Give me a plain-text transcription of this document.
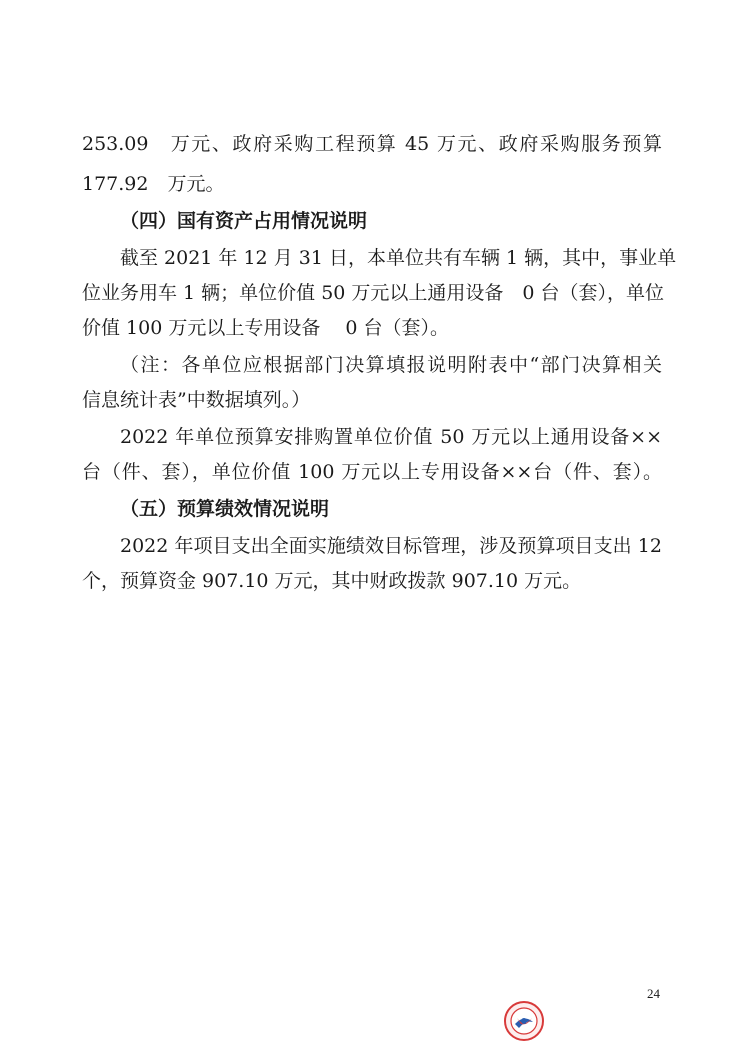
253.09　万元、政府采购工程预算 45 万元、政府采购服务预算
177.92　万元。
（四）国有资产占用情况说明
截至 2021 年 12 月 31 日，本单位共有车辆 1 辆，其中，事业单
位业务用车 1 辆；单位价值 50 万元以上通用设备　0 台（套），单位
价值 100 万元以上专用设备　 0 台（套）。
（注：各单位应根据部门决算填报说明附表中“部门决算相关
信息统计表”中数据填列。）
2022 年单位预算安排购置单位价值 50 万元以上通用设备××
台（件、套），单位价值 100 万元以上专用设备××台（件、套）。
（五）预算绩效情况说明
2022 年项目支出全面实施绩效目标管理，涉及预算项目支出 12
个，预算资金 907.10 万元，其中财政拨款 907.10 万元。
24
